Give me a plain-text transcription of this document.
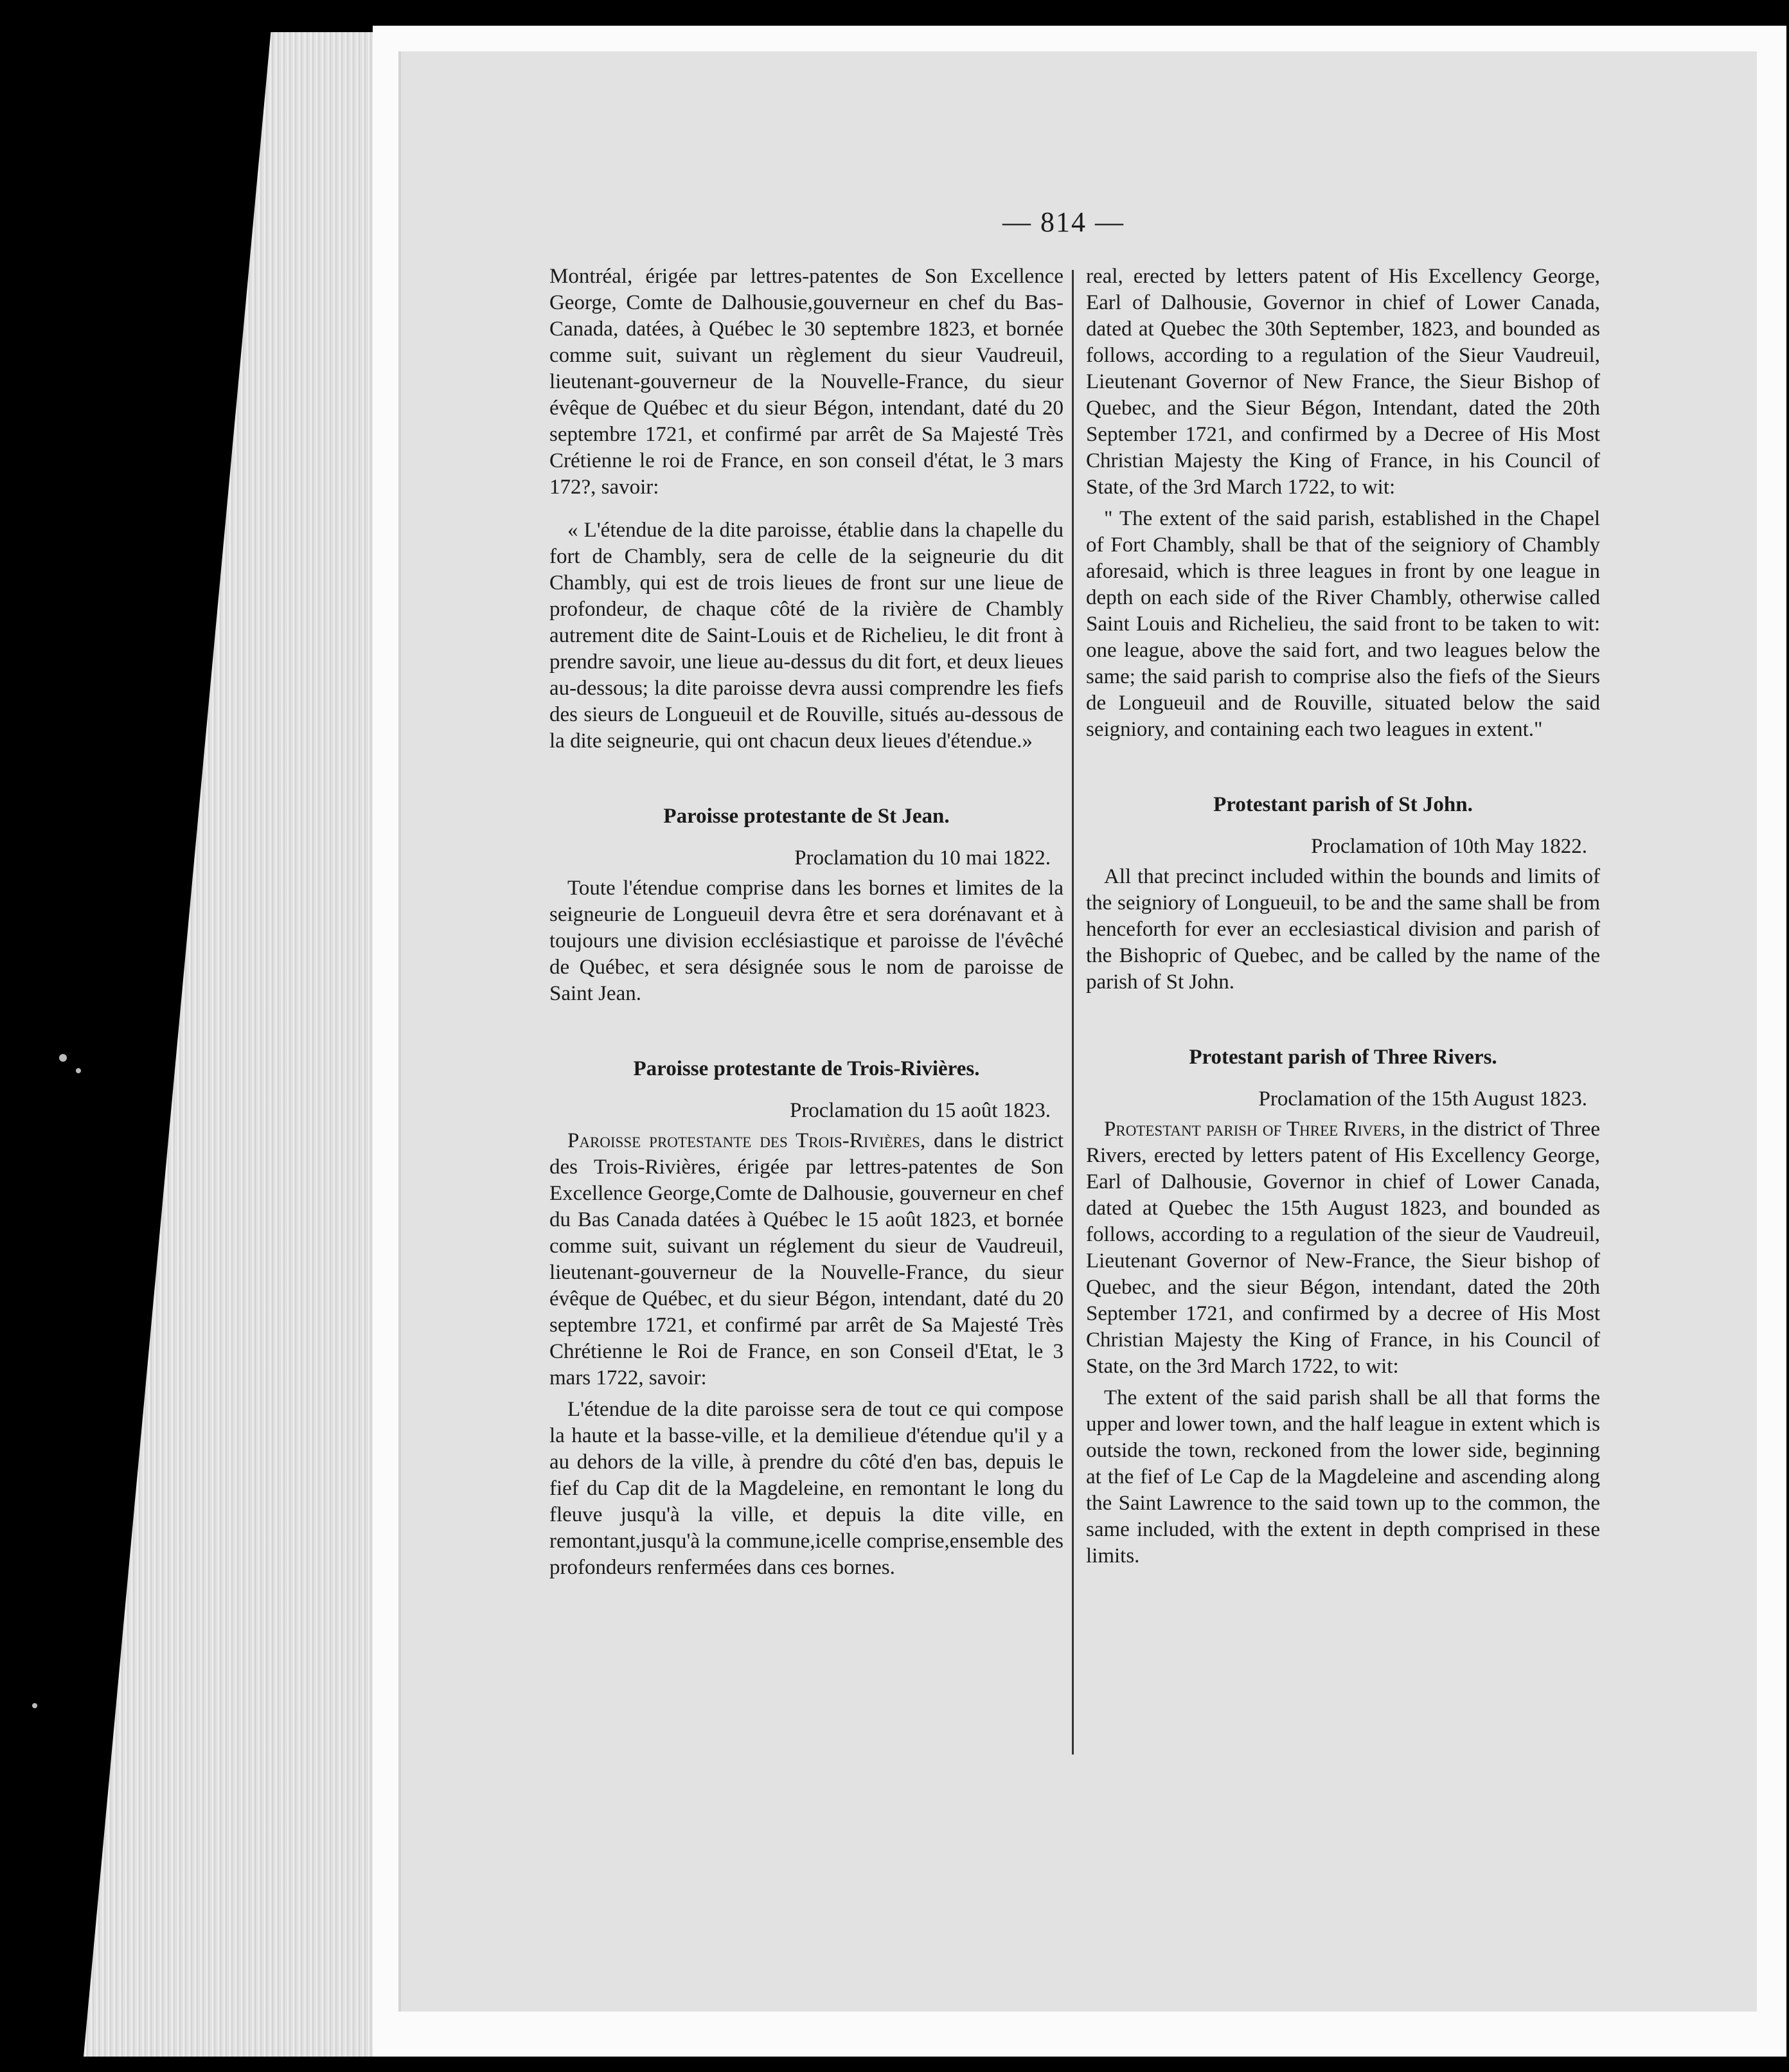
— 814 —

Montréal, érigée par lettres-patentes de Son Excellence George, Comte de Dalhousie,gouverneur en chef du Bas-Canada, datées, à Québec le 30 septembre 1823, et bornée comme suit, suivant un règlement du sieur Vaudreuil, lieutenant-gouverneur de la Nouvelle-France, du sieur évêque de Québec et du sieur Bégon, intendant, daté du 20 septembre 1721, et confirmé par arrêt de Sa Majesté Très Crétienne le roi de France, en son conseil d'état, le 3 mars 172?, savoir:

« L'étendue de la dite paroisse, établie dans la chapelle du fort de Chambly, sera de celle de la seigneurie du dit Chambly, qui est de trois lieues de front sur une lieue de profondeur, de chaque côté de la rivière de Chambly autrement dite de Saint-Louis et de Richelieu, le dit front à prendre savoir, une lieue au-dessus du dit fort, et deux lieues au-dessous; la dite paroisse devra aussi comprendre les fiefs des sieurs de Longueuil et de Rouville, situés au-dessous de la dite seigneurie, qui ont chacun deux lieues d'étendue.»

Paroisse protestante de St Jean.
Proclamation du 10 mai 1822.

Toute l'étendue comprise dans les bornes et limites de la seigneurie de Longueuil devra être et sera dorénavant et à toujours une division ecclésiastique et paroisse de l'évêché de Québec, et sera désignée sous le nom de paroisse de Saint Jean.

Paroisse protestante de Trois-Rivières.
Proclamation du 15 août 1823.

Paroisse protestante des Trois-Rivières, dans le district des Trois-Rivières, érigée par lettres-patentes de Son Excellence George,Comte de Dalhousie, gouverneur en chef du Bas Canada datées à Québec le 15 août 1823, et bornée comme suit, suivant un réglement du sieur de Vaudreuil, lieutenant-gouverneur de la Nouvelle-France, du sieur évêque de Québec, et du sieur Bégon, intendant, daté du 20 septembre 1721, et confirmé par arrêt de Sa Majesté Très Chrétienne le Roi de France, en son Conseil d'Etat, le 3 mars 1722, savoir:

L'étendue de la dite paroisse sera de tout ce qui compose la haute et la basse-ville, et la demilieue d'étendue qu'il y a au dehors de la ville, à prendre du côté d'en bas, depuis le fief du Cap dit de la Magdeleine, en remontant le long du fleuve jusqu'à la ville, et depuis la dite ville, en remontant,jusqu'à la commune,icelle comprise,ensemble des profondeurs renfermées dans ces bornes.

real, erected by letters patent of His Excellency George, Earl of Dalhousie, Governor in chief of Lower Canada, dated at Quebec the 30th September, 1823, and bounded as follows, according to a regulation of the Sieur Vaudreuil, Lieutenant Governor of New France, the Sieur Bishop of Quebec, and the Sieur Bégon, Intendant, dated the 20th September 1721, and confirmed by a Decree of His Most Christian Majesty the King of France, in his Council of State, of the 3rd March 1722, to wit:

" The extent of the said parish, established in the Chapel of Fort Chambly, shall be that of the seigniory of Chambly aforesaid, which is three leagues in front by one league in depth on each side of the River Chambly, otherwise called Saint Louis and Richelieu, the said front to be taken to wit: one league, above the said fort, and two leagues below the same; the said parish to comprise also the fiefs of the Sieurs de Longueuil and de Rouville, situated below the said seigniory, and containing each two leagues in extent."

Protestant parish of St John.
Proclamation of 10th May 1822.

All that precinct included within the bounds and limits of the seigniory of Longueuil, to be and the same shall be from henceforth for ever an ecclesiastical division and parish of the Bishopric of Quebec, and be called by the name of the parish of St John.

Protestant parish of Three Rivers.
Proclamation of the 15th August 1823.

Protestant parish of Three Rivers, in the district of Three Rivers, erected by letters patent of His Excellency George, Earl of Dalhousie, Governor in chief of Lower Canada, dated at Quebec the 15th August 1823, and bounded as follows, according to a regulation of the sieur de Vaudreuil, Lieutenant Governor of New-France, the Sieur bishop of Quebec, and the sieur Bégon, intendant, dated the 20th September 1721, and confirmed by a decree of His Most Christian Majesty the King of France, in his Council of State, on the 3rd March 1722, to wit:

The extent of the said parish shall be all that forms the upper and lower town, and the half league in extent which is outside the town, reckoned from the lower side, beginning at the fief of Le Cap de la Magdeleine and ascending along the Saint Lawrence to the said town up to the common, the same included, with the extent in depth comprised in these limits.
